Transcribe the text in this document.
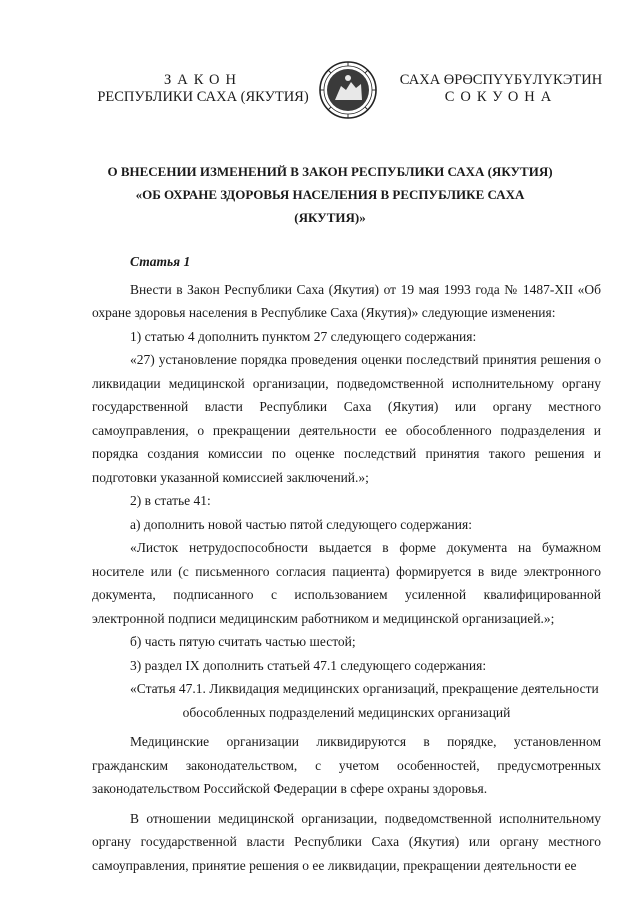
ЗАКОН
РЕСПУБЛИКИ САХА (ЯКУТИЯ)
САХА ӨРӨСПҮҮБҮЛҮКЭТИН
СОКУОНА
О ВНЕСЕНИИ ИЗМЕНЕНИЙ В ЗАКОН РЕСПУБЛИКИ САХА (ЯКУТИЯ)
«ОБ ОХРАНЕ ЗДОРОВЬЯ НАСЕЛЕНИЯ В РЕСПУБЛИКЕ САХА (ЯКУТИЯ)»

Статья 1

Внести в Закон Республики Саха (Якутия) от 19 мая 1993 года № 1487-XII «Об охране здоровья населения в Республике Саха (Якутия)» следующие изменения:

1) статью 4 дополнить пунктом 27 следующего содержания:

«27) установление порядка проведения оценки последствий принятия решения о ликвидации медицинской организации, подведомственной исполнительному органу государственной власти Республики Саха (Якутия) или органу местного самоуправления, о прекращении деятельности ее обособленного подразделения и порядка создания комиссии по оценке последствий принятия такого решения и подготовки указанной комиссией заключений.»;

2) в статье 41:

а) дополнить новой частью пятой следующего содержания:

«Листок нетрудоспособности выдается в форме документа на бумажном носителе или (с письменного согласия пациента) формируется в виде электронного документа, подписанного с использованием усиленной квалифицированной электронной подписи медицинским работником и медицинской организацией.»;

б) часть пятую считать частью шестой;

3) раздел IX дополнить статьей 47.1 следующего содержания:

«Статья 47.1. Ликвидация медицинских организаций, прекращение деятельности

обособленных подразделений медицинских организаций

Медицинские организации ликвидируются в порядке, установленном гражданским законодательством, с учетом особенностей, предусмотренных законодательством Российской Федерации в сфере охраны здоровья.

В отношении медицинской организации, подведомственной исполнительному органу государственной власти Республики Саха (Якутия) или органу местного самоуправления, принятие решения о ее ликвидации, прекращении деятельности ее
